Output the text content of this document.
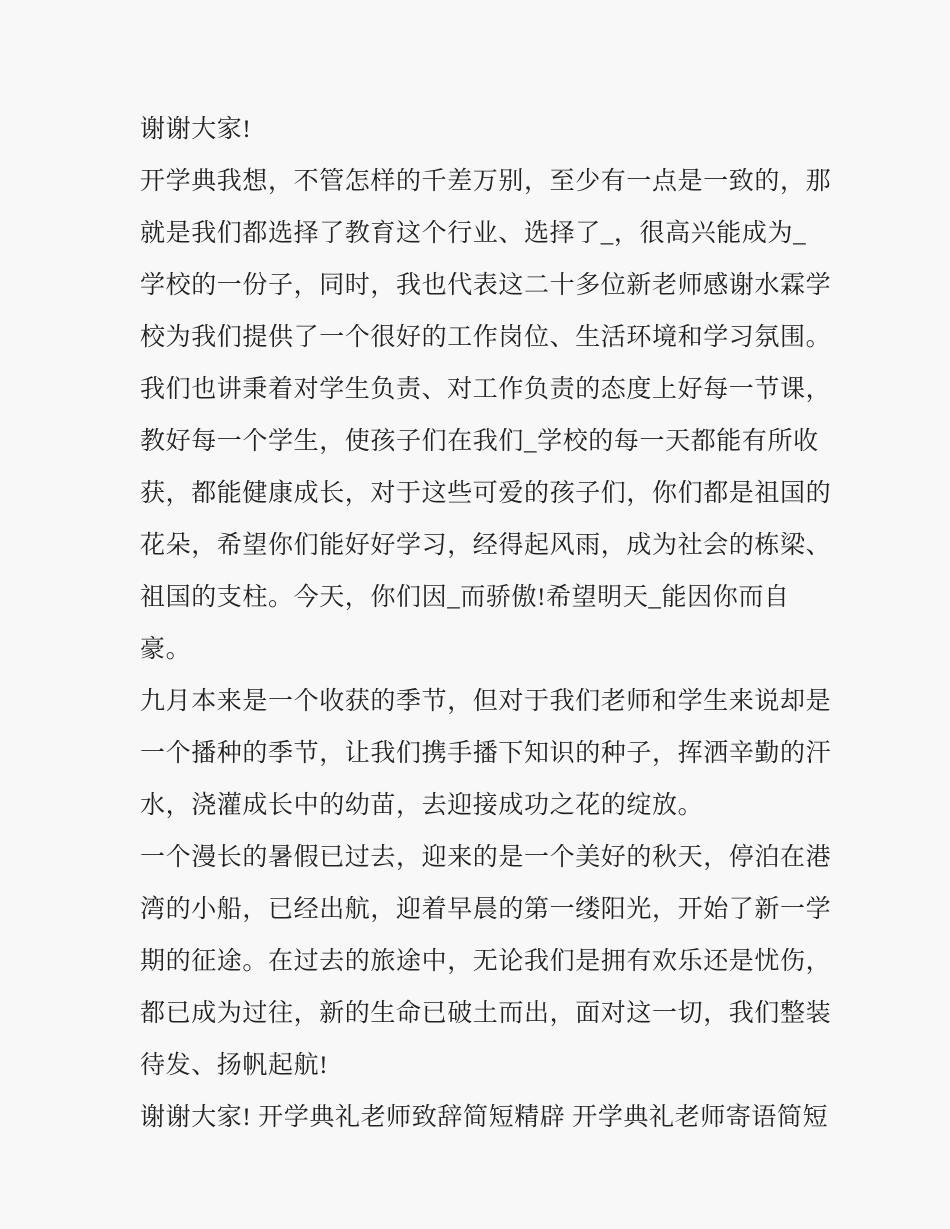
谢谢大家!
开学典我想，不管怎样的千差万别，至少有一点是一致的，那
就是我们都选择了教育这个行业、选择了_，很高兴能成为_
学校的一份子，同时，我也代表这二十多位新老师感谢水霖学
校为我们提供了一个很好的工作岗位、生活环境和学习氛围。
我们也讲秉着对学生负责、对工作负责的态度上好每一节课，
教好每一个学生，使孩子们在我们_学校的每一天都能有所收
获，都能健康成长，对于这些可爱的孩子们，你们都是祖国的
花朵，希望你们能好好学习，经得起风雨，成为社会的栋梁、
祖国的支柱。今天，你们因_而骄傲!希望明天_能因你而自
豪。
九月本来是一个收获的季节，但对于我们老师和学生来说却是
一个播种的季节，让我们携手播下知识的种子，挥洒辛勤的汗
水，浇灌成长中的幼苗，去迎接成功之花的绽放。
一个漫长的暑假已过去，迎来的是一个美好的秋天，停泊在港
湾的小船，已经出航，迎着早晨的第一缕阳光，开始了新一学
期的征途。在过去的旅途中，无论我们是拥有欢乐还是忧伤，
都已成为过往，新的生命已破土而出，面对这一切，我们整装
待发、扬帆起航!
谢谢大家! 开学典礼老师致辞简短精辟 开学典礼老师寄语简短
